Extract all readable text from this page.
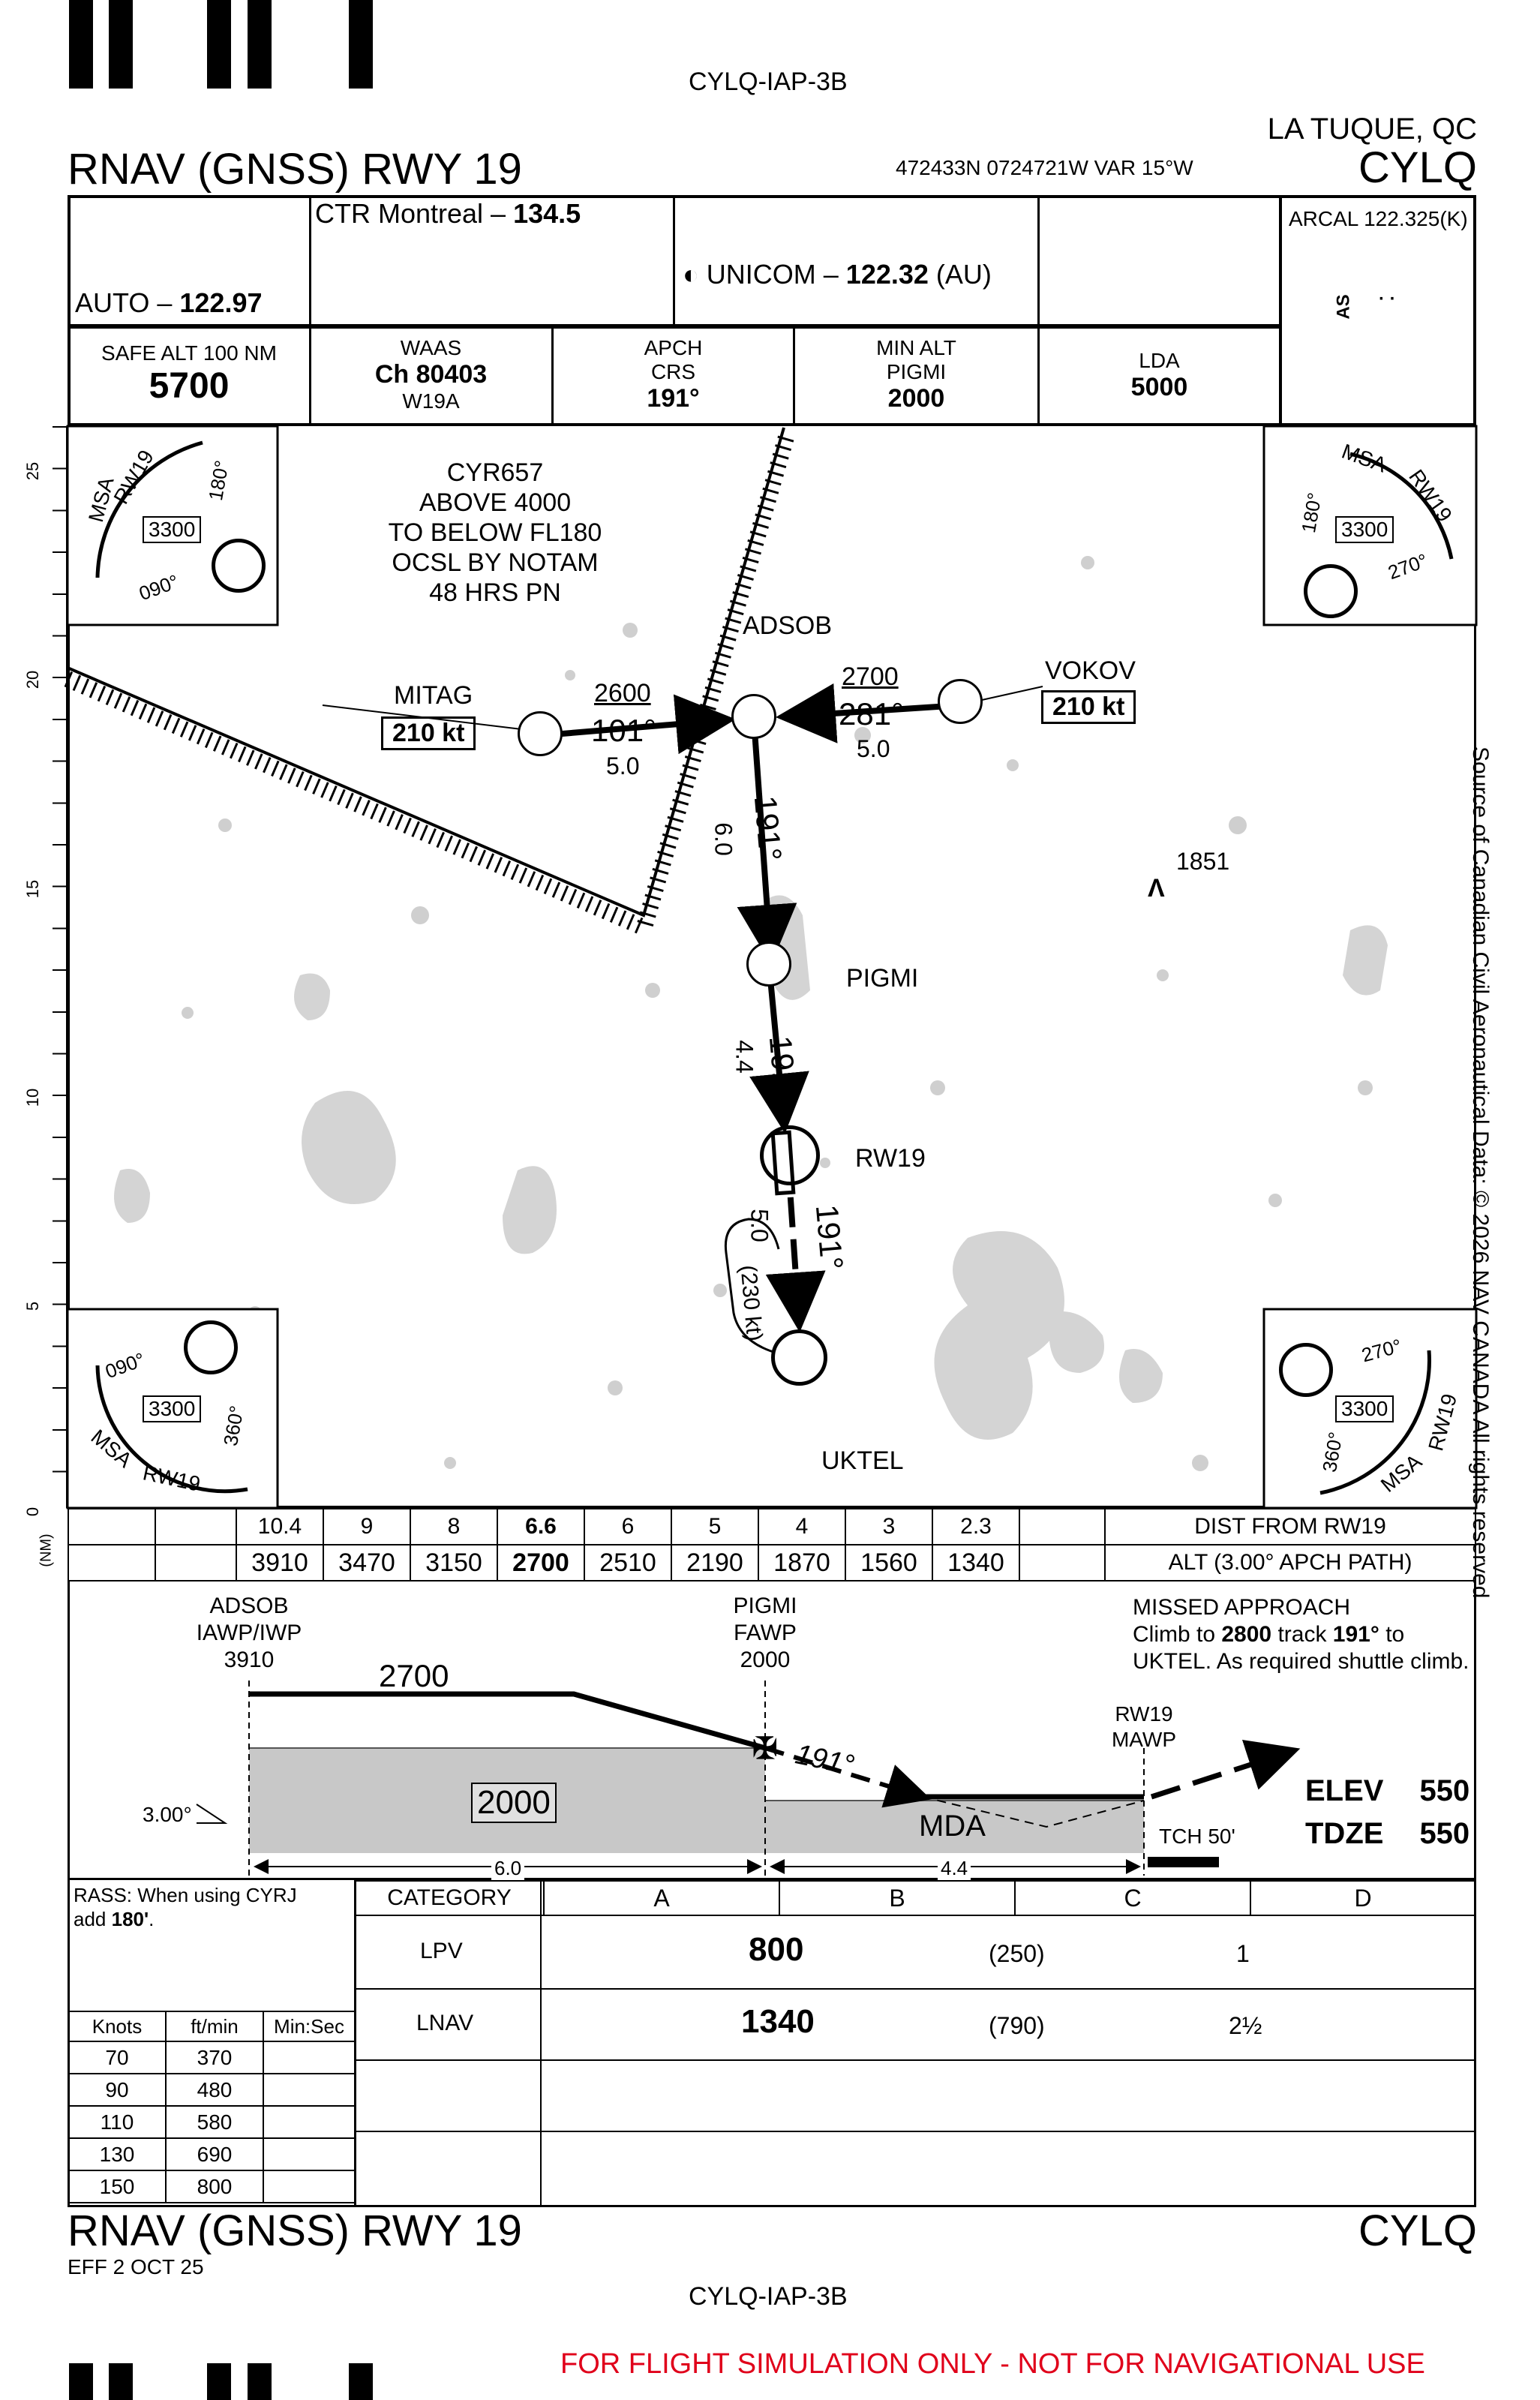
CYLQ-IAP-3B
LA TUQUE, QC
RNAV (GNSS) RWY 19	472433N 0724721W VAR 15°W	CYLQ
CTR Montreal – 134.5
AUTO – 122.97
◐ UNICOM – 122.32 (AU)
ARCAL 122.325(K)
AS · ·
SAFE ALT 100 NM
5700
WAAS
Ch 80403
W19A
APCH
CRS
191°
MIN ALT
PIGMI
2000
LDA
5000
MSA
RW19
3300
180°
090°
MSA
RW19
3300
180°
270°
MSA
RW19
3300
090°
360°
MSA
RW19
3300
270°
360°
CYR657
ABOVE 4000
TO BELOW FL180
OCSL BY NOTAM
48 HRS PN
ADSOB
MITAG
210 kt
VOKOV
210 kt
PIGMI
RW19
UKTEL
(230 kt)
2600
101°
5.0
2700
281°
5.0
191°
6.0
191°
4.4
191°
5.0
Λ
1851
25
20
15
10
5
0
(NM)	Source of Canadian Civil Aeronautical Data: © 2026 NAV CANADA All rights reserved
		10.4	9	8	6.6	6	5	4	3	2.3		DIST FROM RW19
		3910	3470	3150	2700	2510	2190	1870	1560	1340		ALT (3.00° APCH PATH)
✠
ADSOB
IAWP/IWP
3910
PIGMI
FAWP
2000
RW19
MAWP
2700
2000
3.00°
191°
MDA	TCH 50'
6.0	4.4
ELEV 550
TDZE 550
MISSED APPROACH
Climb to 2800 track 191° to
UKTEL. As required shuttle climb.
RASS: When using CYRJ
add 180'.
CATEGORY	A	B	C	D
LPV	800	(250)	1
LNAV	1340	(790)	2½
Knots	ft/min	Min:Sec
70	370	
90	480	
110	580	
130	690	
150	800	
RNAV (GNSS) RWY 19	CYLQ
EFF 2 OCT 25
CYLQ-IAP-3B
FOR FLIGHT SIMULATION ONLY - NOT FOR NAVIGATIONAL USE
